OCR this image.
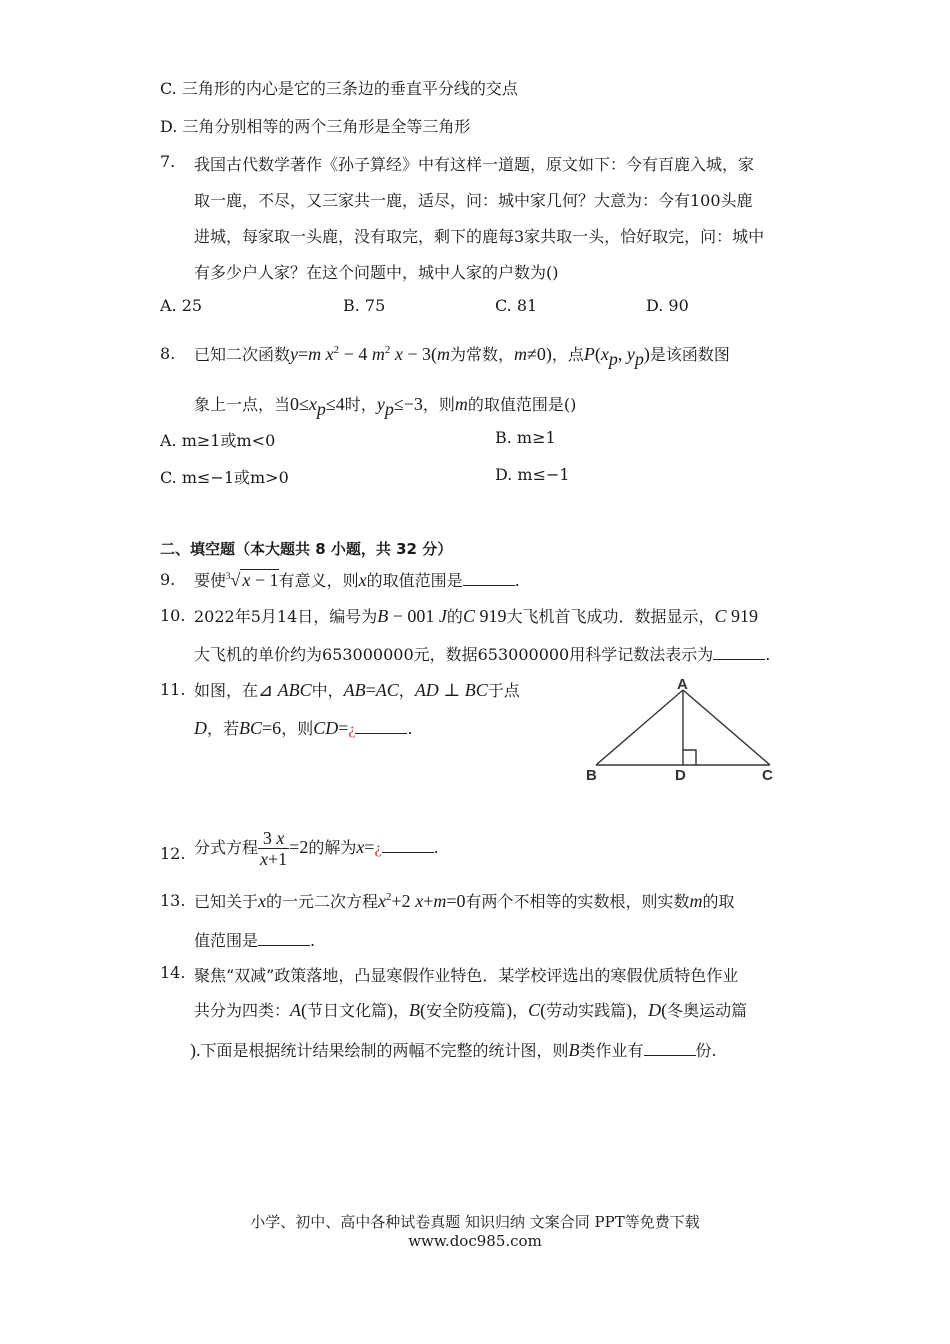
C. 三角形的内心是它的三条边的垂直平分线的交点
D. 三角分别相等的两个三角形是全等三角形
7. 我国古代数学著作《孙子算经》中有这样一道题，原文如下：今有百鹿入城，家
取一鹿，不尽，又三家共一鹿，适尽，问：城中家几何？大意为：今有100头鹿
进城，每家取一头鹿，没有取完，剩下的鹿每3家共取一头，恰好取完，问：城中
有多少户人家？在这个问题中，城中人家的户数为()
A. 25	B. 75	C. 81	D. 90
8. 已知二次函数y=m $x^2 - 4$ $m^2$ x − 3(m为常数，m≠0)，点$P(x_p$, $y_p$)是该函数图
象上一点，当$0\le x_p\le 4$时，$y_p\le-3$，则m的取值范围是()
A. m≥1或m<0	B. m≥1
C. m≤−1或m>0	D. m≤−1
二、填空题（本大题共 8 小题，共 32 分）
9. 要使$^3$√ x − 1有意义，则x的取值范围是	.
10. 2022年5月14日，编号为B − 001 J的C 919大飞机首飞成功．数据显示，C 919
大飞机的单价约为653000000元，数据653000000用科学记数法表示为	.
11. 如图，在⊿ ABC中，AB=AC，AD ⊥ BC于点
D，若BC=6，则CD=¿	.
A
B	D	C
12. 分式方程 $\frac{3 x}{x+1} =2$的解为x=¿	.
13. 已知关于x的一元二次方程$x^2+2$ x+m=0有两个不相等的实数根，则实数m的取
值范围是	.
14. 聚焦“双减”政策落地，凸显寒假作业特色．某学校评选出的寒假优质特色作业
共分为四类：A(节日文化篇)，B(安全防疫篇)，C(劳动实践篇)，D(冬奥运动篇
).下面是根据统计结果绘制的两幅不完整的统计图，则B类作业有	份.
小学、初中、高中各种试卷真题 知识归纳 文案合同 PPT等免费下载
www.doc985.com
